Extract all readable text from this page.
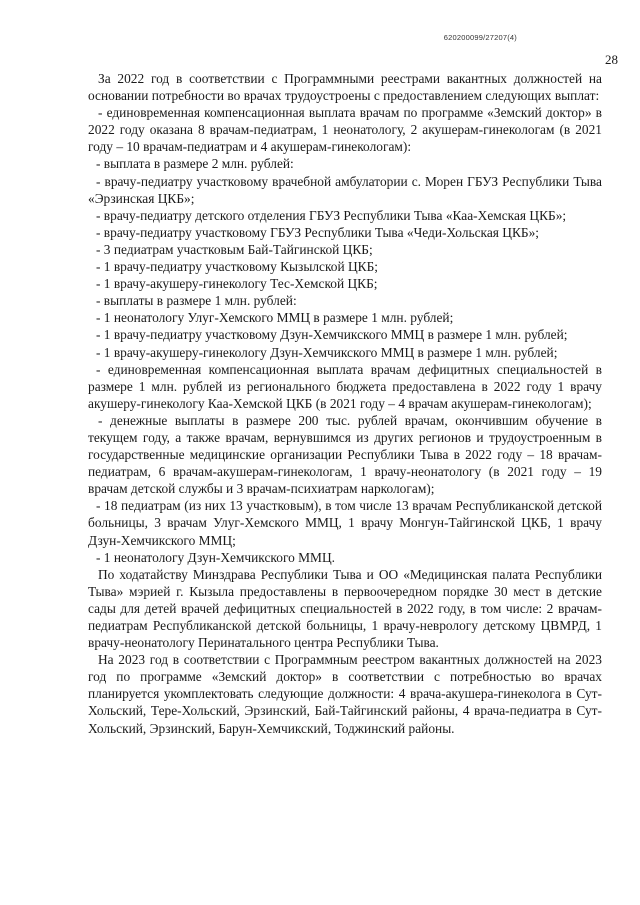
620200099/27207(4)
28

За 2022 год в соответствии с Программными реестрами вакантных должностей на основании потребности во врачах трудоустроены с предоставлением следующих выплат:

- единовременная компенсационная выплата врачам по программе «Земский доктор» в 2022 году оказана 8 врачам-педиатрам, 1 неонатологу, 2 акушерам-гинекологам (в 2021 году – 10 врачам-педиатрам и 4 акушерам-гинекологам):

- выплата в размере 2 млн. рублей:

- врачу-педиатру участковому врачебной амбулатории с. Морен ГБУЗ Республики Тыва «Эрзинская ЦКБ»;

- врачу-педиатру детского отделения ГБУЗ Республики Тыва «Каа-Хемская ЦКБ»;

- врачу-педиатру участковому ГБУЗ Республики Тыва «Чеди-Хольская ЦКБ»;

- 3 педиатрам участковым Бай-Тайгинской ЦКБ;

- 1 врачу-педиатру участковому Кызылской ЦКБ;

- 1 врачу-акушеру-гинекологу Тес-Хемской ЦКБ;

- выплаты в размере 1 млн. рублей:

- 1 неонатологу Улуг-Хемского ММЦ в размере 1 млн. рублей;

- 1 врачу-педиатру участковому Дзун-Хемчикского ММЦ в размере 1 млн. рублей;

- 1 врачу-акушеру-гинекологу Дзун-Хемчикского ММЦ в размере 1 млн. рублей;

- единовременная компенсационная выплата врачам дефицитных специальностей в размере 1 млн. рублей из регионального бюджета предоставлена в 2022 году 1 врачу акушеру-гинекологу Каа-Хемской ЦКБ (в 2021 году – 4 врачам акушерам-гинекологам);

- денежные выплаты в размере 200 тыс. рублей врачам, окончившим обучение в текущем году, а также врачам, вернувшимся из других регионов и трудоустроенным в государственные медицинские организации Республики Тыва в 2022 году – 18 врачам-педиатрам, 6 врачам-акушерам-гинекологам, 1 врачу-неонатологу (в 2021 году – 19 врачам детской службы и 3 врачам-психиатрам наркологам);

- 18 педиатрам (из них 13 участковым), в том числе 13 врачам Республиканской детской больницы, 3 врачам Улуг-Хемского ММЦ, 1 врачу Монгун-Тайгинской ЦКБ, 1 врачу Дзун-Хемчикского ММЦ;

- 1 неонатологу Дзун-Хемчикского ММЦ.

По ходатайству Минздрава Республики Тыва и ОО «Медицинская палата Республики Тыва» мэрией г. Кызыла предоставлены в первоочередном порядке 30 мест в детские сады для детей врачей дефицитных специальностей в 2022 году, в том числе: 2 врачам-педиатрам Республиканской детской больницы, 1 врачу-неврологу детскому ЦВМРД, 1 врачу-неонатологу Перинатального центра Республики Тыва.

На 2023 год в соответствии с Программным реестром вакантных должностей на 2023 год по программе «Земский доктор» в соответствии с потребностью во врачах планируется укомплектовать следующие должности: 4 врача-акушера-гинеколога в Сут-Хольский, Тере-Хольский, Эрзинский, Бай-Тайгинский районы, 4 врача-педиатра в Сут-Хольский, Эрзинский, Барун-Хемчикский, Тоджинский районы.
